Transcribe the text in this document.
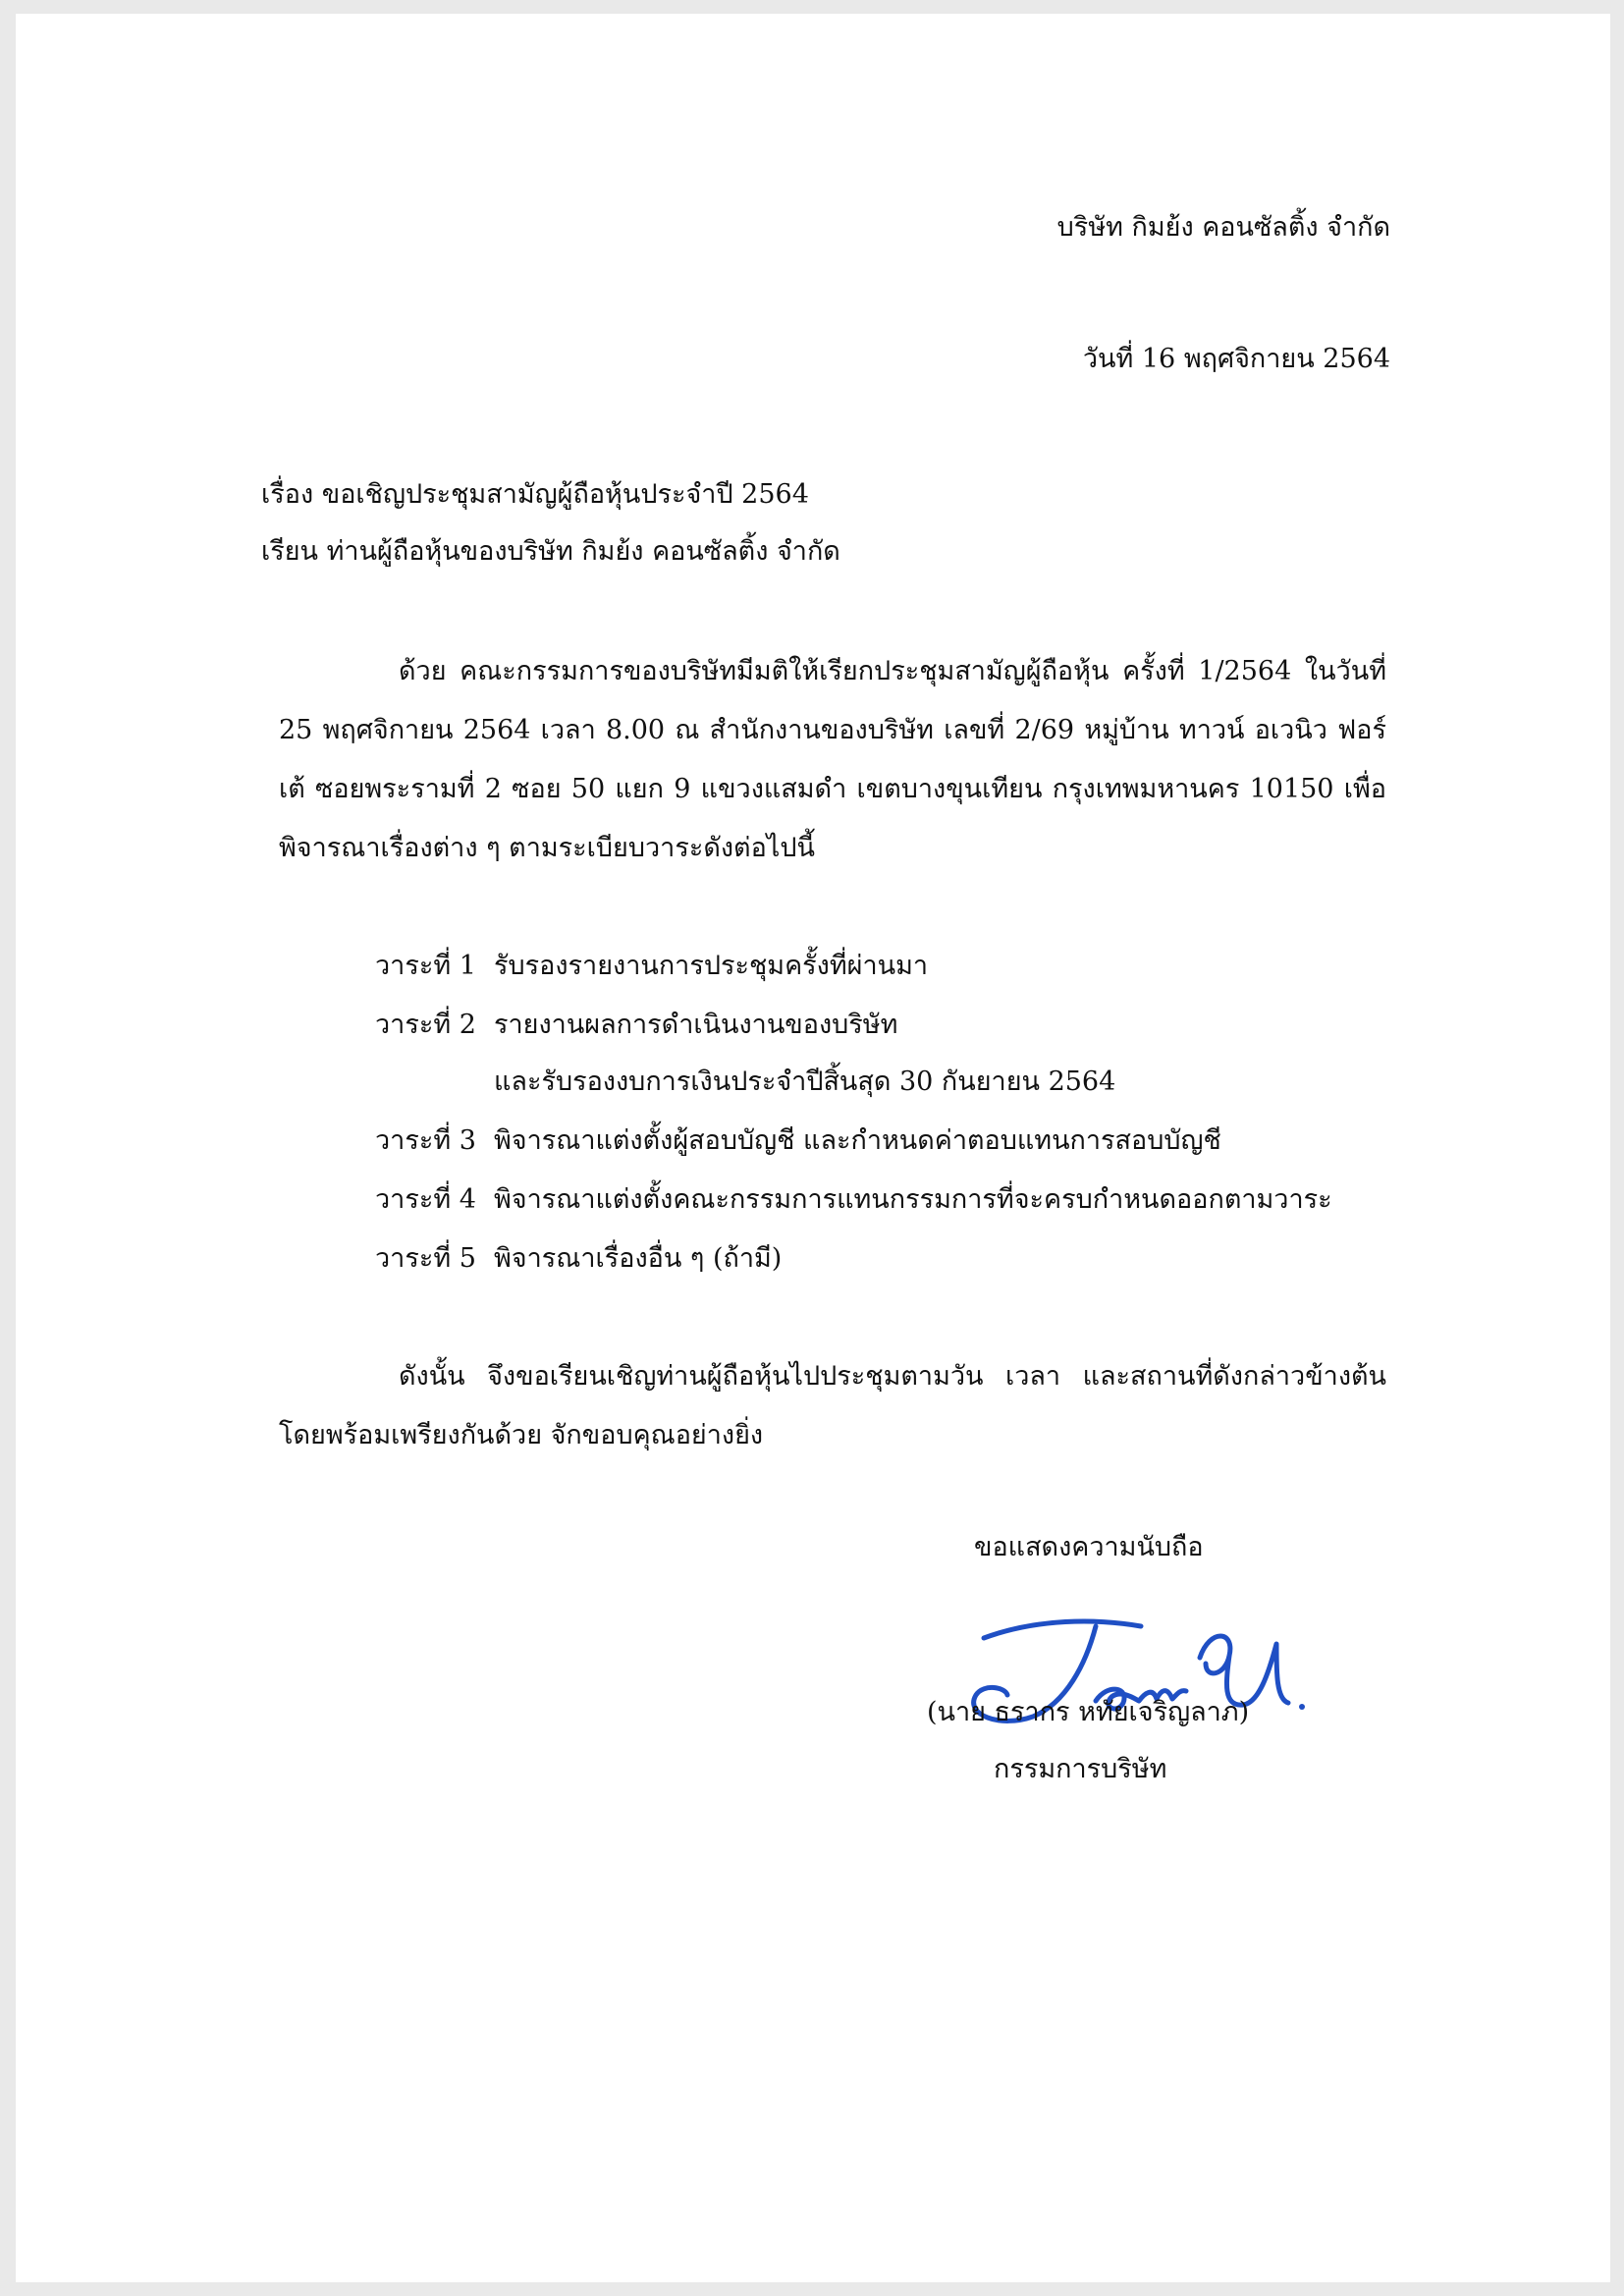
บริษัท กิมย้ง คอนซัลติ้ง จำกัด
วันที่ 16 พฤศจิกายน 2564
เรื่อง ขอเชิญประชุมสามัญผู้ถือหุ้นประจำปี 2564
เรียน ท่านผู้ถือหุ้นของบริษัท กิมย้ง คอนซัลติ้ง จำกัด
ด้วย คณะกรรมการของบริษัทมีมติให้เรียกประชุมสามัญผู้ถือหุ้น ครั้งที่ 1/2564 ในวันที่ 25 พฤศจิกายน 2564 เวลา 8.00 ณ สำนักงานของบริษัท เลขที่ 2/69 หมู่บ้าน ทาวน์ อเวนิว ฟอร์เต้ ซอยพระรามที่ 2 ซอย 50 แยก 9 แขวงแสมดำ เขตบางขุนเทียน กรุงเทพมหานคร 10150 เพื่อพิจารณาเรื่องต่าง ๆ ตามระเบียบวาระดังต่อไปนี้
วาระที่ 1 รับรองรายงานการประชุมครั้งที่ผ่านมา
วาระที่ 2 รายงานผลการดำเนินงานของบริษัท
และรับรองงบการเงินประจำปีสิ้นสุด 30 กันยายน 2564
วาระที่ 3 พิจารณาแต่งตั้งผู้สอบบัญชี และกำหนดค่าตอบแทนการสอบบัญชี
วาระที่ 4 พิจารณาแต่งตั้งคณะกรรมการแทนกรรมการที่จะครบกำหนดออกตามวาระ
วาระที่ 5 พิจารณาเรื่องอื่น ๆ (ถ้ามี)
ดังนั้น จึงขอเรียนเชิญท่านผู้ถือหุ้นไปประชุมตามวัน เวลา และสถานที่ดังกล่าวข้างต้นโดยพร้อมเพรียงกันด้วย จักขอบคุณอย่างยิ่ง
ขอแสดงความนับถือ
(นาย ธรากร หทัยเจริญลาภ)
กรรมการบริษัท
